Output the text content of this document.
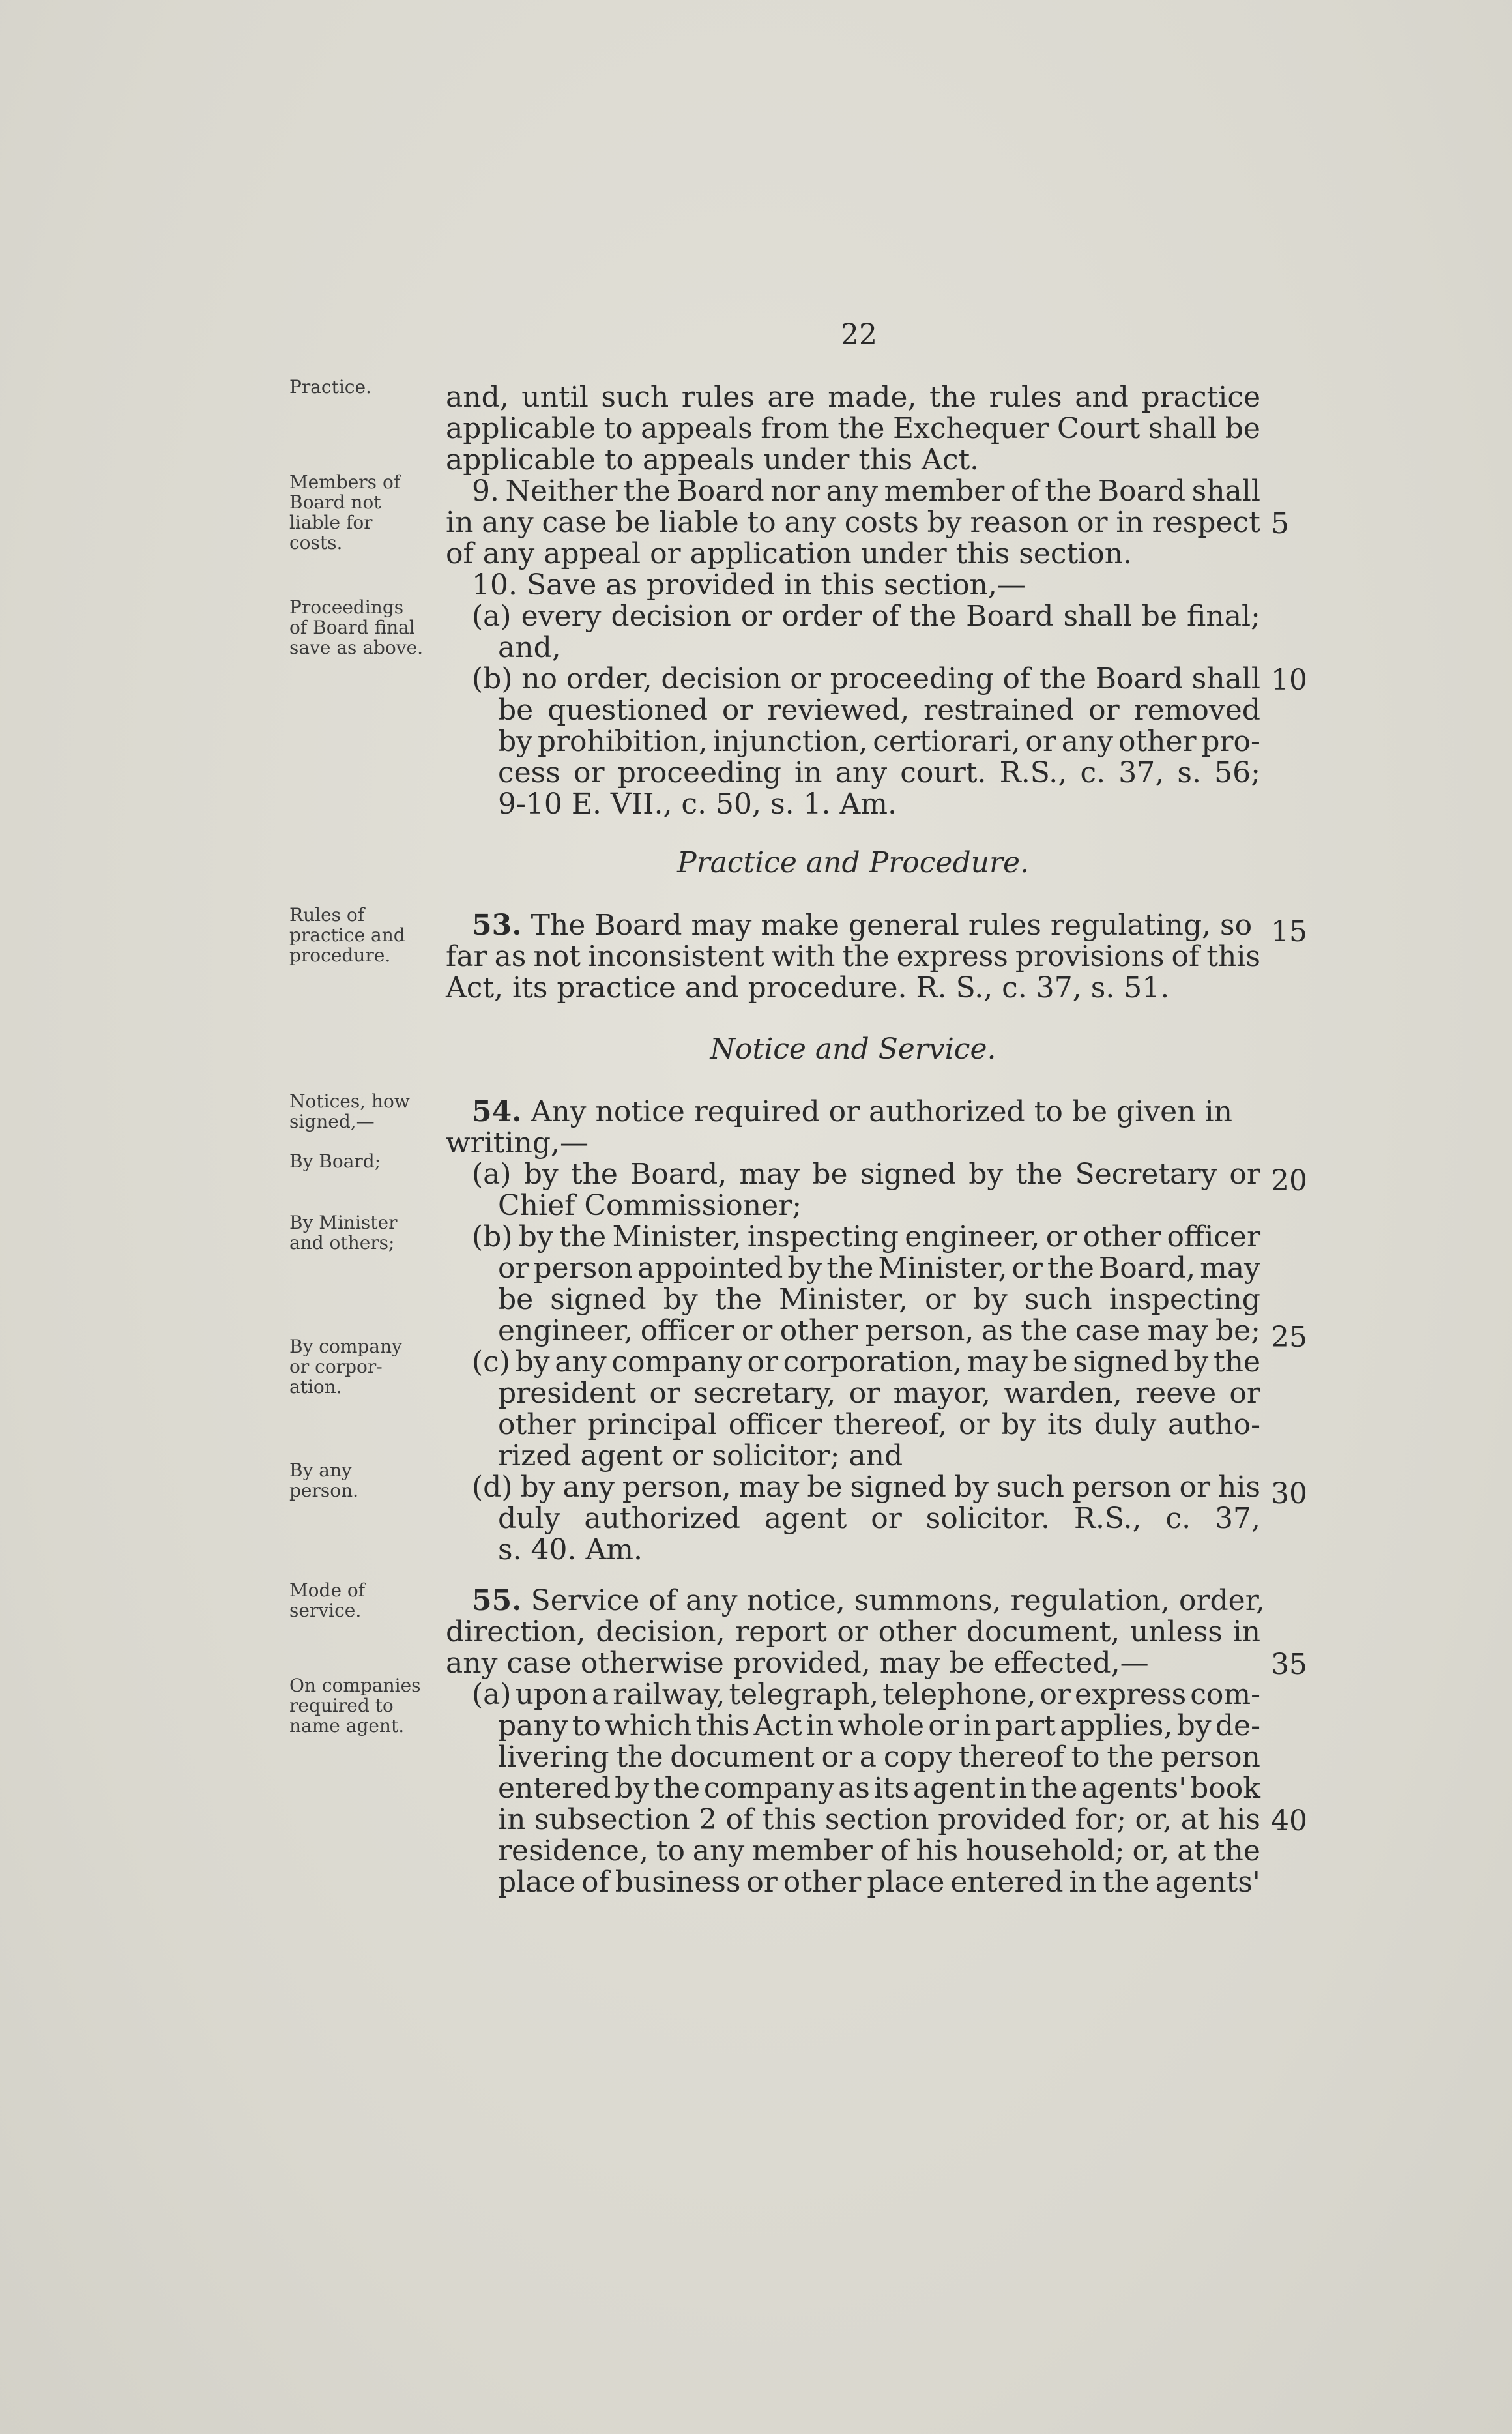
22
Practice.
Members of Board not liable for costs.
Proceedings of Board final save as above.
Rules of practice and procedure.
Notices, how signed,—
By Board;
By Minister and others;
By company or corpor-ation.
By any person.
Mode of service.
On companies required to name agent.
and, until such rules are made, the rules and practice
applicable to appeals from the Exchequer Court shall be
applicable to appeals under this Act.
9. Neither the Board nor any member of the Board shall
in any case be liable to any costs by reason or in respect
of any appeal or application under this section.
10. Save as provided in this section,—
(a) every decision or order of the Board shall be final;
and,
(b) no order, decision or proceeding of the Board shall
be questioned or reviewed, restrained or removed
by prohibition, injunction, certiorari, or any other pro-
cess or proceeding in any court. R.S., c. 37, s. 56;
9-10 E. VII., c. 50, s. 1. Am.
Practice and Procedure.
53. The Board may make general rules regulating, so
far as not inconsistent with the express provisions of this
Act, its practice and procedure. R. S., c. 37, s. 51.
Notice and Service.
54. Any notice required or authorized to be given in
writing,—
(a) by the Board, may be signed by the Secretary or
Chief Commissioner;
(b) by the Minister, inspecting engineer, or other officer
or person appointed by the Minister, or the Board, may
be signed by the Minister, or by such inspecting
engineer, officer or other person, as the case may be;
(c) by any company or corporation, may be signed by the
president or secretary, or mayor, warden, reeve or
other principal officer thereof, or by its duly autho-
rized agent or solicitor; and
(d) by any person, may be signed by such person or his
duly authorized agent or solicitor. R.S., c. 37,
s. 40. Am.
55. Service of any notice, summons, regulation, order,
direction, decision, report or other document, unless in
any case otherwise provided, may be effected,—
(a) upon a railway, telegraph, telephone, or express com-
pany to which this Act in whole or in part applies, by de-
livering the document or a copy thereof to the person
entered by the company as its agent in the agents' book
in subsection 2 of this section provided for; or, at his
residence, to any member of his household; or, at the
place of business or other place entered in the agents'
5
10
15
20
25
30
35
40
